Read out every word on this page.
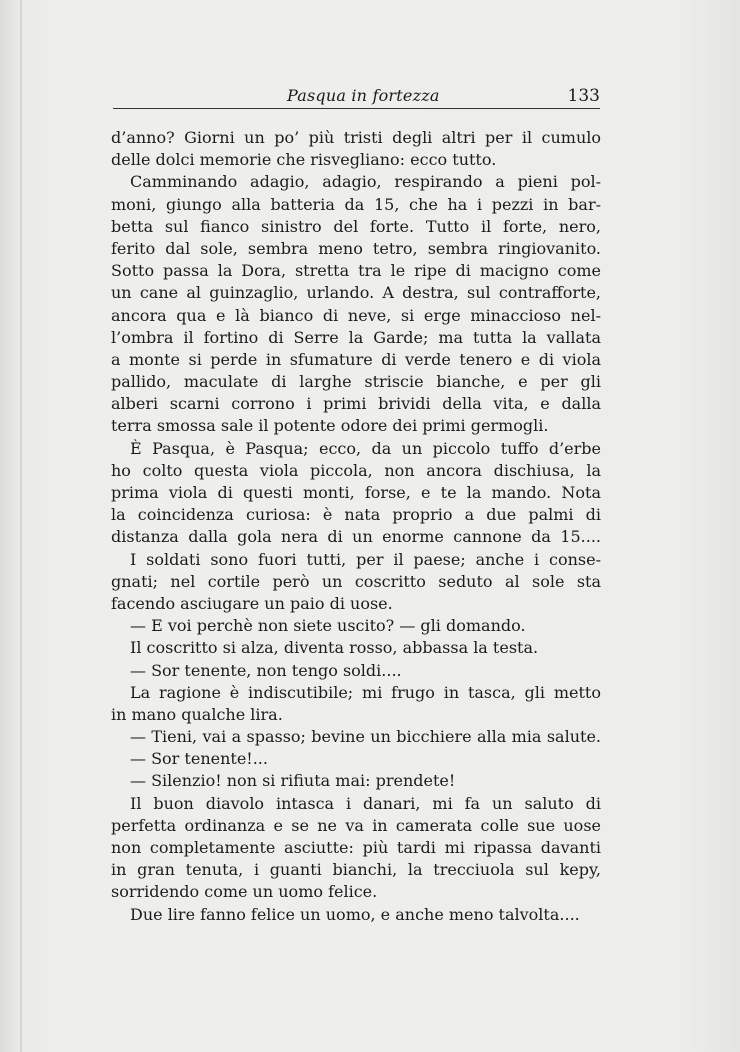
Pasqua in fortezza	133
d’anno? Giorni un po’ più tristi degli altri per il cumulo
delle dolci memorie che risvegliano: ecco tutto.
Camminando adagio, adagio, respirando a pieni pol-
moni, giungo alla batteria da 15, che ha i pezzi in bar-
betta sul fianco sinistro del forte. Tutto il forte, nero,
ferito dal sole, sembra meno tetro, sembra ringiovanito.
Sotto passa la Dora, stretta tra le ripe di macigno come
un cane al guinzaglio, urlando. A destra, sul contrafforte,
ancora qua e là bianco di neve, si erge minaccioso nel-
l’ombra il fortino di Serre la Garde; ma tutta la vallata
a monte si perde in sfumature di verde tenero e di viola
pallido, maculate di larghe striscie bianche, e per gli
alberi scarni corrono i primi brividi della vita, e dalla
terra smossa sale il potente odore dei primi germogli.
È Pasqua, è Pasqua; ecco, da un piccolo tuffo d’erbe
ho colto questa viola piccola, non ancora dischiusa, la
prima viola di questi monti, forse, e te la mando. Nota
la coincidenza curiosa: è nata proprio a due palmi di
distanza dalla gola nera di un enorme cannone da 15....
I soldati sono fuori tutti, per il paese; anche i conse-
gnati; nel cortile però un coscritto seduto al sole sta
facendo asciugare un paio di uose.
— E voi perchè non siete uscito? — gli domando.
Il coscritto si alza, diventa rosso, abbassa la testa.
— Sor tenente, non tengo soldi....
La ragione è indiscutibile; mi frugo in tasca, gli metto
in mano qualche lira.
— Tieni, vai a spasso; bevine un bicchiere alla mia salute.
— Sor tenente!...
— Silenzio! non si rifiuta mai: prendete!
Il buon diavolo intasca i danari, mi fa un saluto di
perfetta ordinanza e se ne va in camerata colle sue uose
non completamente asciutte: più tardi mi ripassa davanti
in gran tenuta, i guanti bianchi, la trecciuola sul kepy,
sorridendo come un uomo felice.
Due lire fanno felice un uomo, e anche meno talvolta....
